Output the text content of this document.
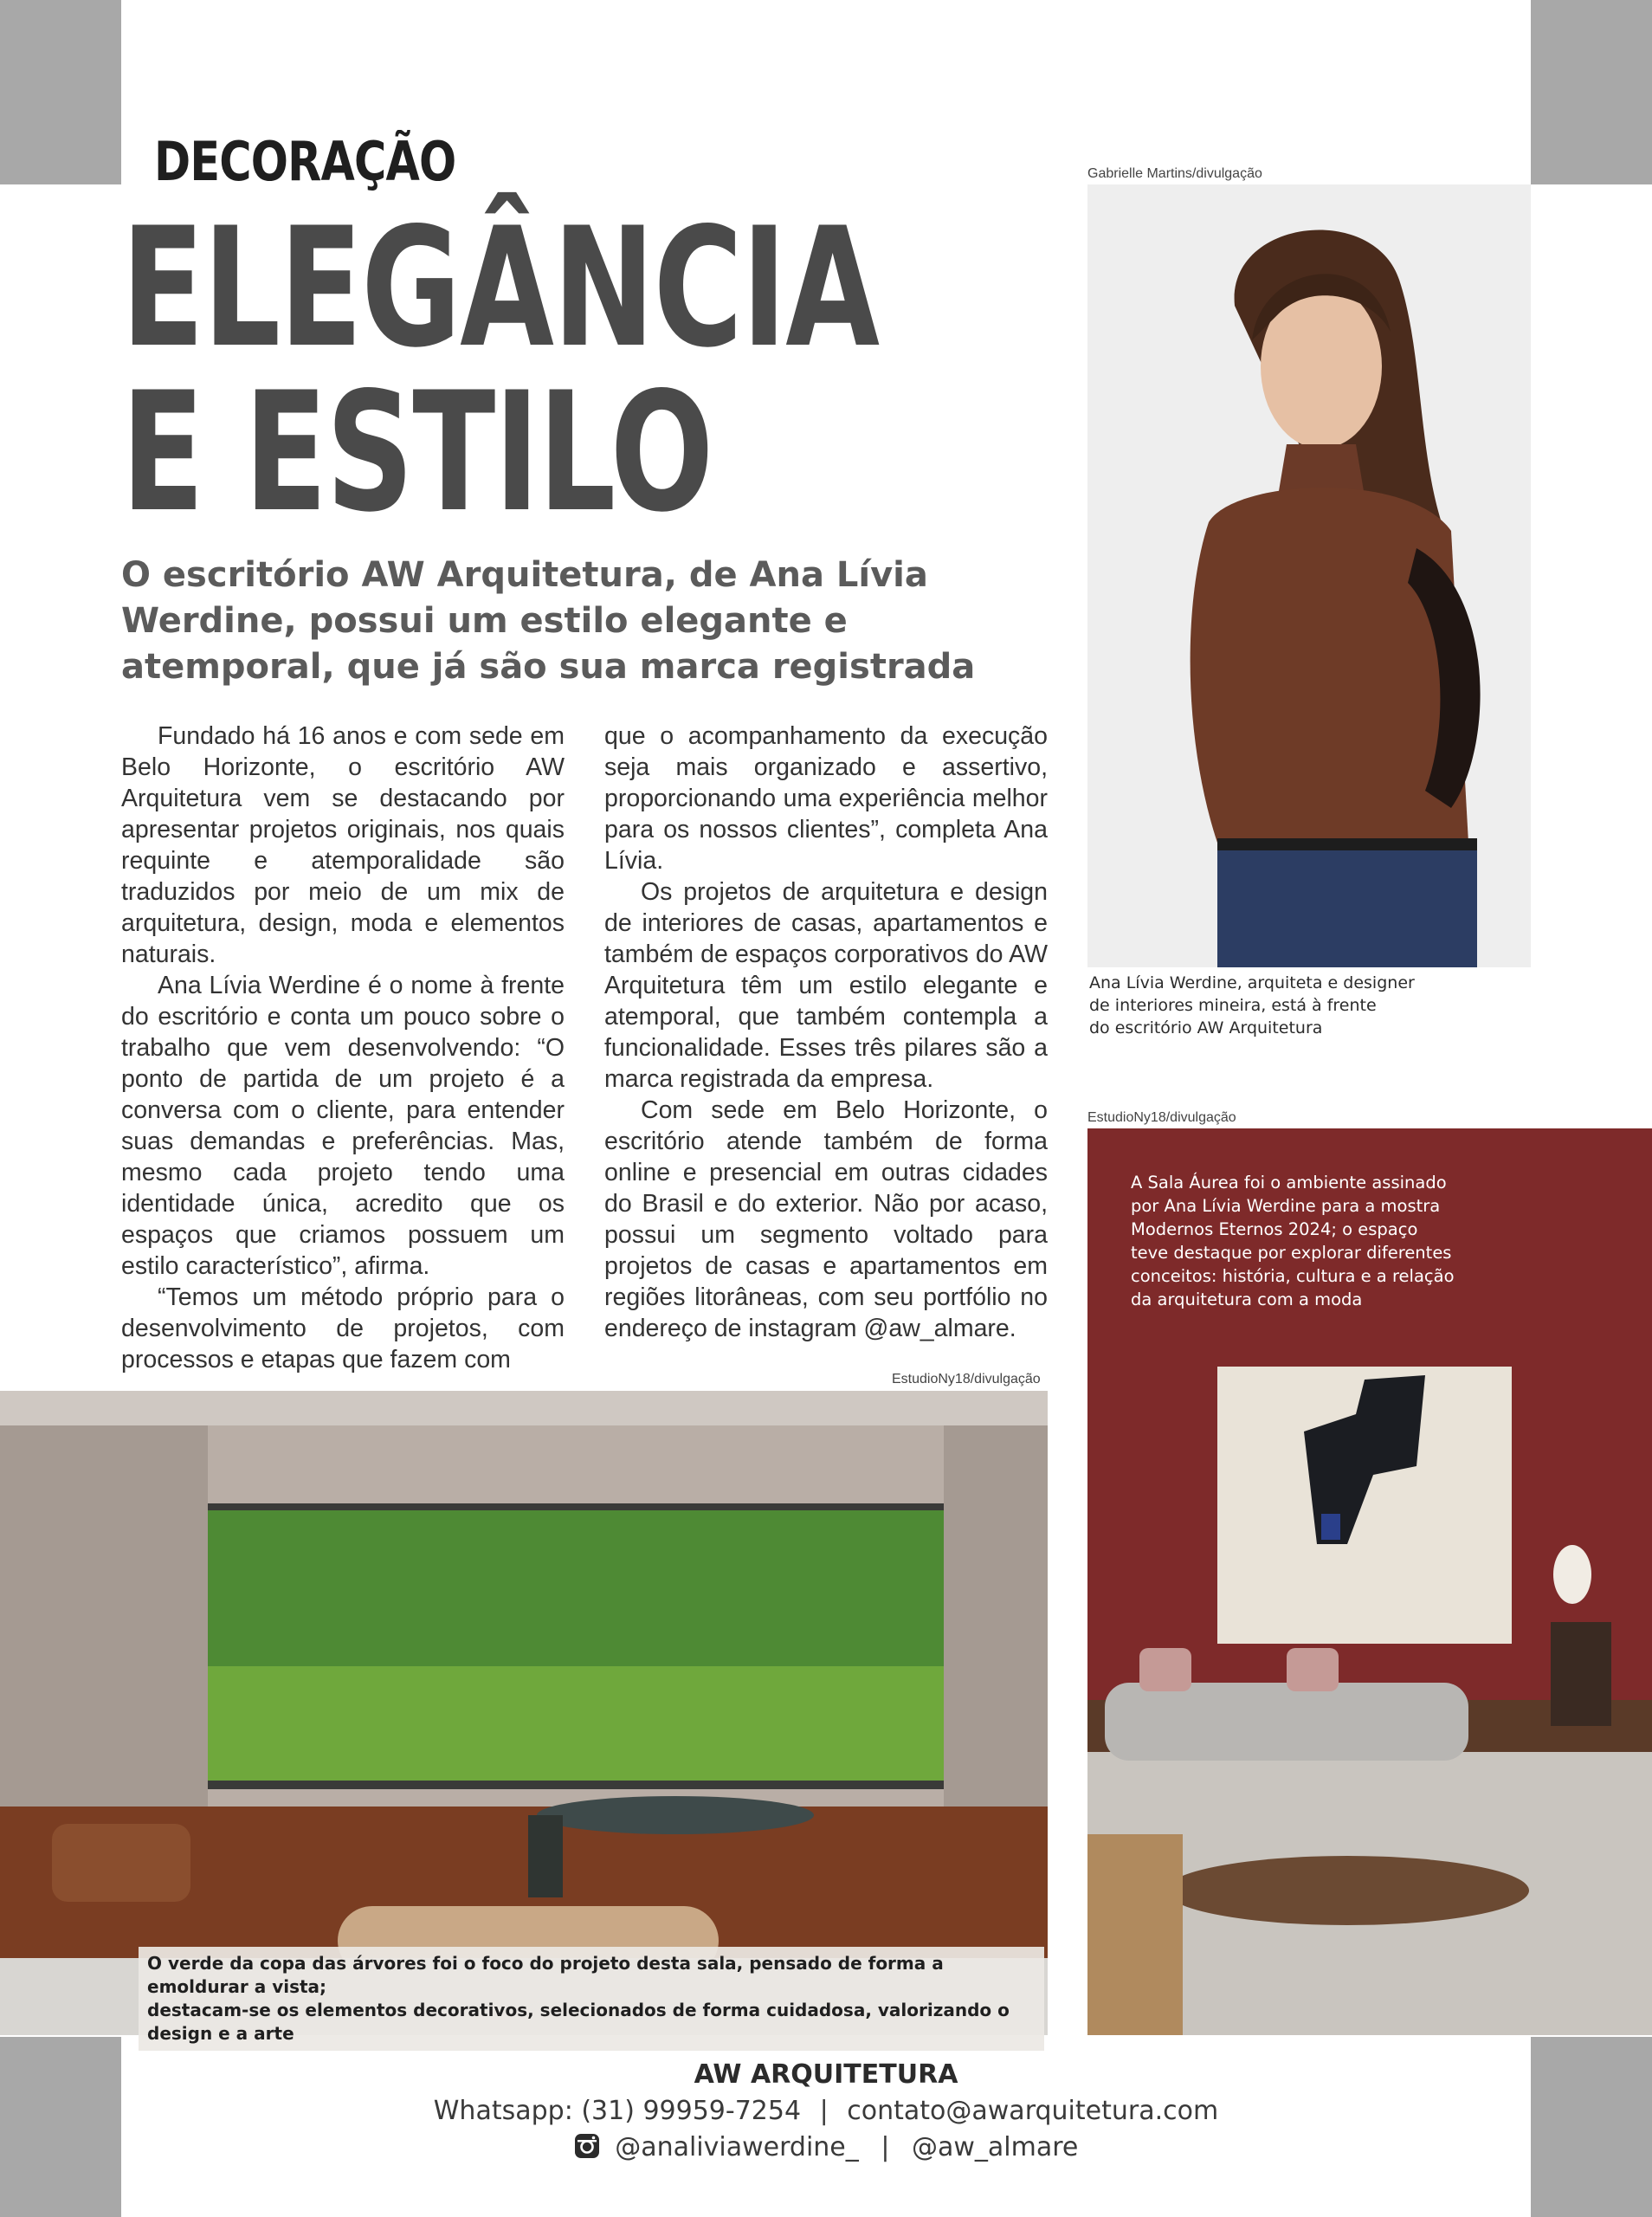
DECORAÇÃO
ELEGÂNCIA
E ESTILO
O escritório AW Arquitetura, de Ana Lívia Werdine, possui um estilo elegante e atemporal, que já são sua marca registrada

Fundado há 16 anos e com sede em Belo Horizonte, o escritório AW Arquitetura vem se destacando por apresentar projetos originais, nos quais requinte e atemporalidade são traduzidos por meio de um mix de arquitetura, design, moda e elementos naturais.

Ana Lívia Werdine é o nome à frente do escritório e conta um pouco sobre o trabalho que vem desenvolvendo: “O ponto de partida de um projeto é a conversa com o cliente, para entender suas demandas e preferências. Mas, mesmo cada projeto tendo uma identidade única, acredito que os espaços que criamos possuem um estilo característico”, afirma.

“Temos um método próprio para o desenvolvimento de projetos, com processos e etapas que fazem com

que o acompanhamento da execução seja mais organizado e assertivo, proporcionando uma experiência melhor para os nossos clientes”, completa Ana Lívia.

Os projetos de arquitetura e design de interiores de casas, apartamentos e também de espaços corporativos do AW Arquitetura têm um estilo elegante e atemporal, que também contempla a funcionalidade. Esses três pilares são a marca registrada da empresa.

Com sede em Belo Horizonte, o escritório atende também de forma online e presencial em outras cidades do Brasil e do exterior. Não por acaso, possui um segmento voltado para projetos de casas e apartamentos em regiões litorâneas, com seu portfólio no endereço de instagram @aw_almare.

Gabrielle Martins/divulgação
Ana Lívia Werdine, arquiteta e designer
de interiores mineira, está à frente
do escritório AW Arquitetura
EstudioNy18/divulgação
A Sala Áurea foi o ambiente assinado
por Ana Lívia Werdine para a mostra
Modernos Eternos 2024; o espaço
teve destaque por explorar diferentes
conceitos: história, cultura e a relação
da arquitetura com a moda
EstudioNy18/divulgação
O verde da copa das árvores foi o foco do projeto desta sala, pensado de forma a emoldurar a vista;
destacam-se os elementos decorativos, selecionados de forma cuidadosa, valorizando o design e a arte
AW ARQUITETURA
Whatsapp: (31) 99959-7254 | contato@awarquitetura.com
@analiviawerdine_ | @aw_almare
